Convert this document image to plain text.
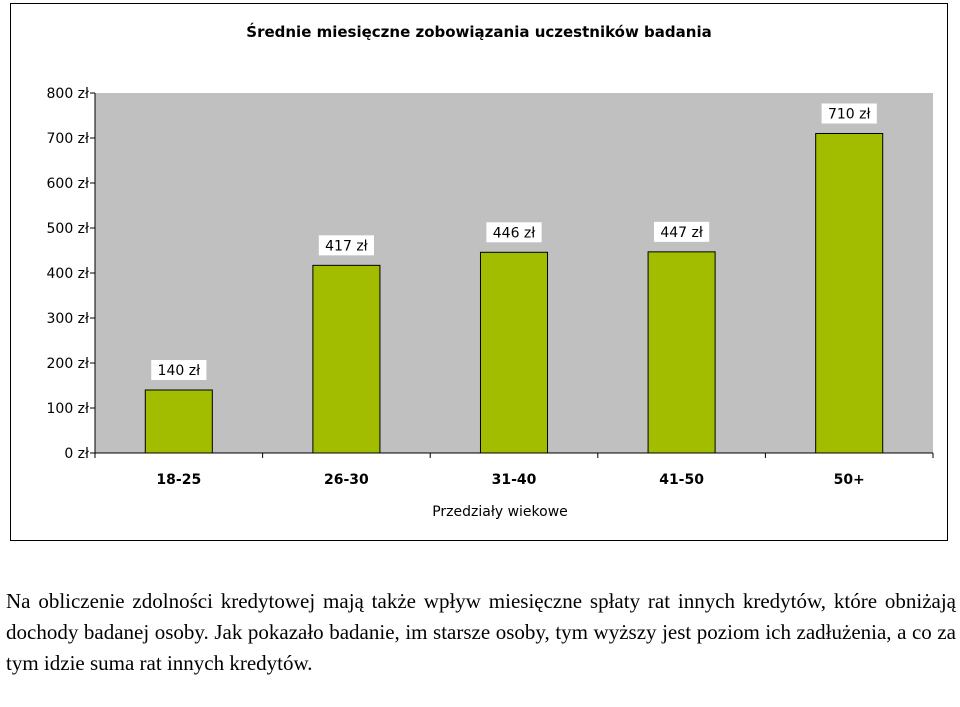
Średnie miesięczne zobowiązania uczestników badania
0 zł
100 zł
200 zł
300 zł
400 zł
500 zł
600 zł
700 zł
800 zł
18-25	26-30	31-40	41-50	50+
140 zł
417 zł
446 zł	447 zł
710 zł
Przedziały wiekowe

Na obliczenie zdolności kredytowej mają także wpływ miesięczne spłaty rat innych kredytów, które obniżają dochody badanej osoby. Jak pokazało badanie, im starsze osoby, tym wyższy jest poziom ich zadłużenia, a co za tym idzie suma rat innych kredytów.
